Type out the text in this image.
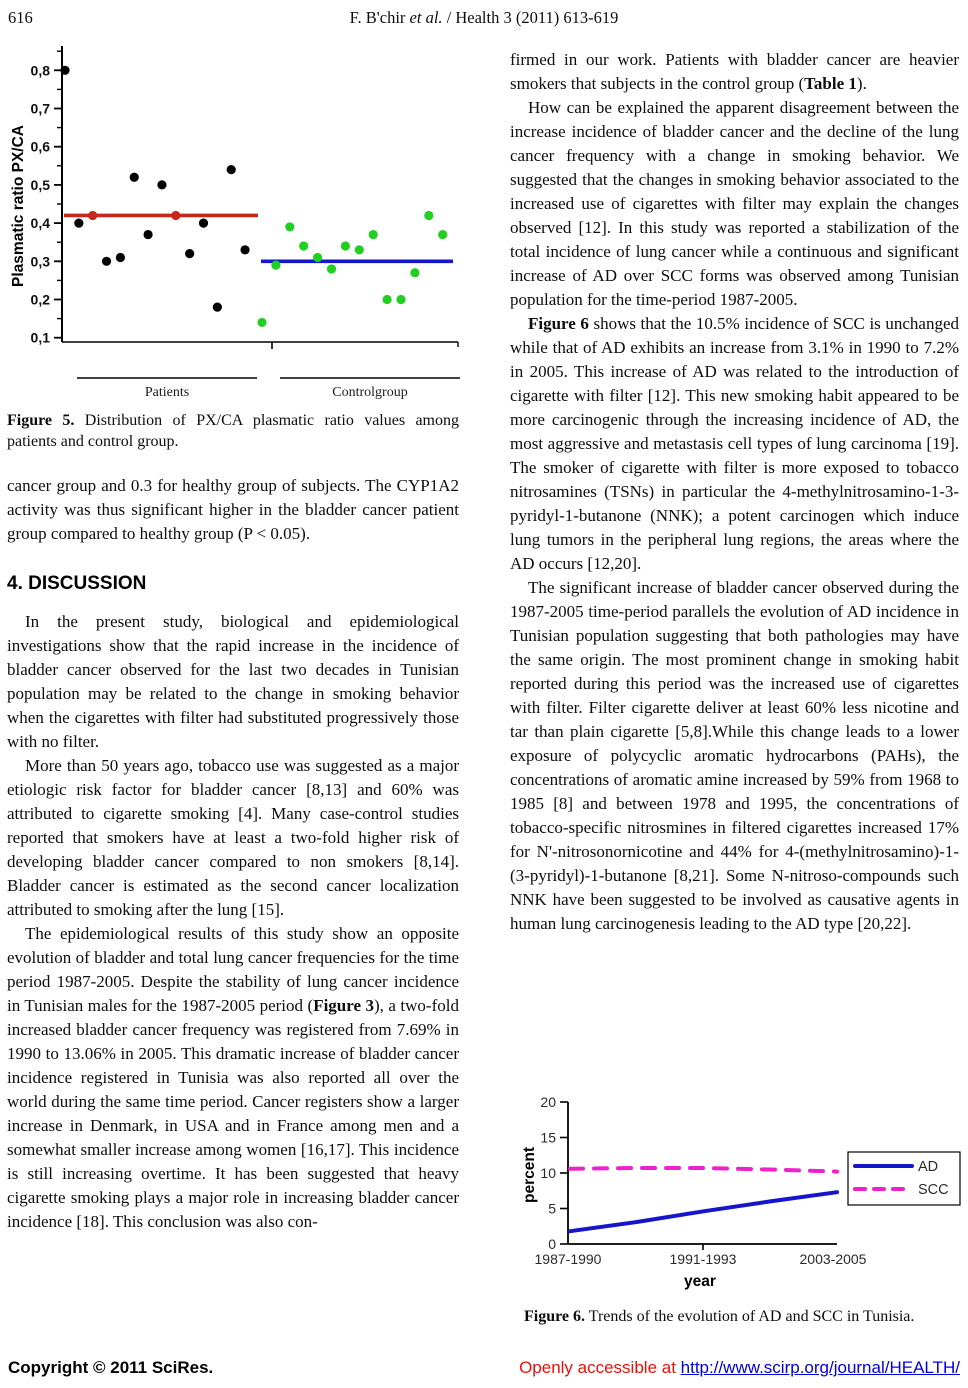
616	F. B'chir et al. / Health 3 (2011) 613-619
0,1
0,2
0,3
0,4
0,5
0,6
0,7
0,8
Plasmatic ratio PX/CA
Patients	Controlgroup
Figure 5. Distribution of PX/CA plasmatic ratio values among patients and control group.

cancer group and 0.3 for healthy group of subjects. The CYP1A2 activity was thus significant higher in the bladder cancer patient group compared to healthy group (P < 0.05).

4. DISCUSSION

In the present study, biological and epidemiological investigations show that the rapid increase in the incidence of bladder cancer observed for the last two decades in Tunisian population may be related to the change in smoking behavior when the cigarettes with filter had substituted progressively those with no filter.

More than 50 years ago, tobacco use was suggested as a major etiologic risk factor for bladder cancer [8,13] and 60% was attributed to cigarette smoking [4]. Many case-control studies reported that smokers have at least a two-fold higher risk of developing bladder cancer compared to non smokers [8,14]. Bladder cancer is estimated as the second cancer localization attributed to smoking after the lung [15].

The epidemiological results of this study show an opposite evolution of bladder and total lung cancer frequencies for the time period 1987-2005. Despite the stability of lung cancer incidence in Tunisian males for the 1987-2005 period (Figure 3), a two-fold increased bladder cancer frequency was registered from 7.69% in 1990 to 13.06% in 2005. This dramatic increase of bladder cancer incidence registered in Tunisia was also reported all over the world during the same time period. Cancer registers show a larger increase in Denmark, in USA and in France among men and a somewhat smaller increase among women [16,17]. This incidence is still increasing overtime. It has been suggested that heavy cigarette smoking plays a major role in increasing bladder cancer incidence [18]. This conclusion was also con-

firmed in our work. Patients with bladder cancer are heavier smokers that subjects in the control group (Table 1).

How can be explained the apparent disagreement between the increase incidence of bladder cancer and the decline of the lung cancer frequency with a change in smoking behavior. We suggested that the changes in smoking behavior associated to the increased use of cigarettes with filter may explain the changes observed [12]. In this study was reported a stabilization of the total incidence of lung cancer while a continuous and significant increase of AD over SCC forms was observed among Tunisian population for the time-period 1987-2005.

Figure 6 shows that the 10.5% incidence of SCC is unchanged while that of AD exhibits an increase from 3.1% in 1990 to 7.2% in 2005. This increase of AD was related to the introduction of cigarette with filter [12]. This new smoking habit appeared to be more carcinogenic through the increasing incidence of AD, the most aggressive and metastasis cell types of lung carcinoma [19]. The smoker of cigarette with filter is more exposed to tobacco nitrosamines (TSNs) in particular the 4-methylnitrosamino-1-3-pyridyl-1-butanone (NNK); a potent carcinogen which induce lung tumors in the peripheral lung regions, the areas where the AD occurs [12,20].

The significant increase of bladder cancer observed during the 1987-2005 time-period parallels the evolution of AD incidence in Tunisian population suggesting that both pathologies may have the same origin. The most prominent change in smoking habit reported during this period was the increased use of cigarettes with filter. Filter cigarette deliver at least 60% less nicotine and tar than plain cigarette [5,8].While this change leads to a lower exposure of polycyclic aromatic hydrocarbons (PAHs), the concentrations of aromatic amine increased by 59% from 1968 to 1985 [8] and between 1978 and 1995, the concentrations of tobacco-specific nitrosmines in filtered cigarettes increased 17% for N'-nitrosonornicotine and 44% for 4-(methylnitrosamino)-1-(3-pyridyl)-1-butanone [8,21]. Some N-nitroso-compounds such NNK have been suggested to be involved as causative agents in human lung carcinogenesis leading to the AD type [20,22].

0
5
10
15
20
1987-1990	1991-1993	2003-2005
percent
year
AD
SCC
Figure 6. Trends of the evolution of AD and SCC in Tunisia.
Copyright © 2011 SciRes.	Openly accessible at http://www.scirp.org/journal/HEALTH/
